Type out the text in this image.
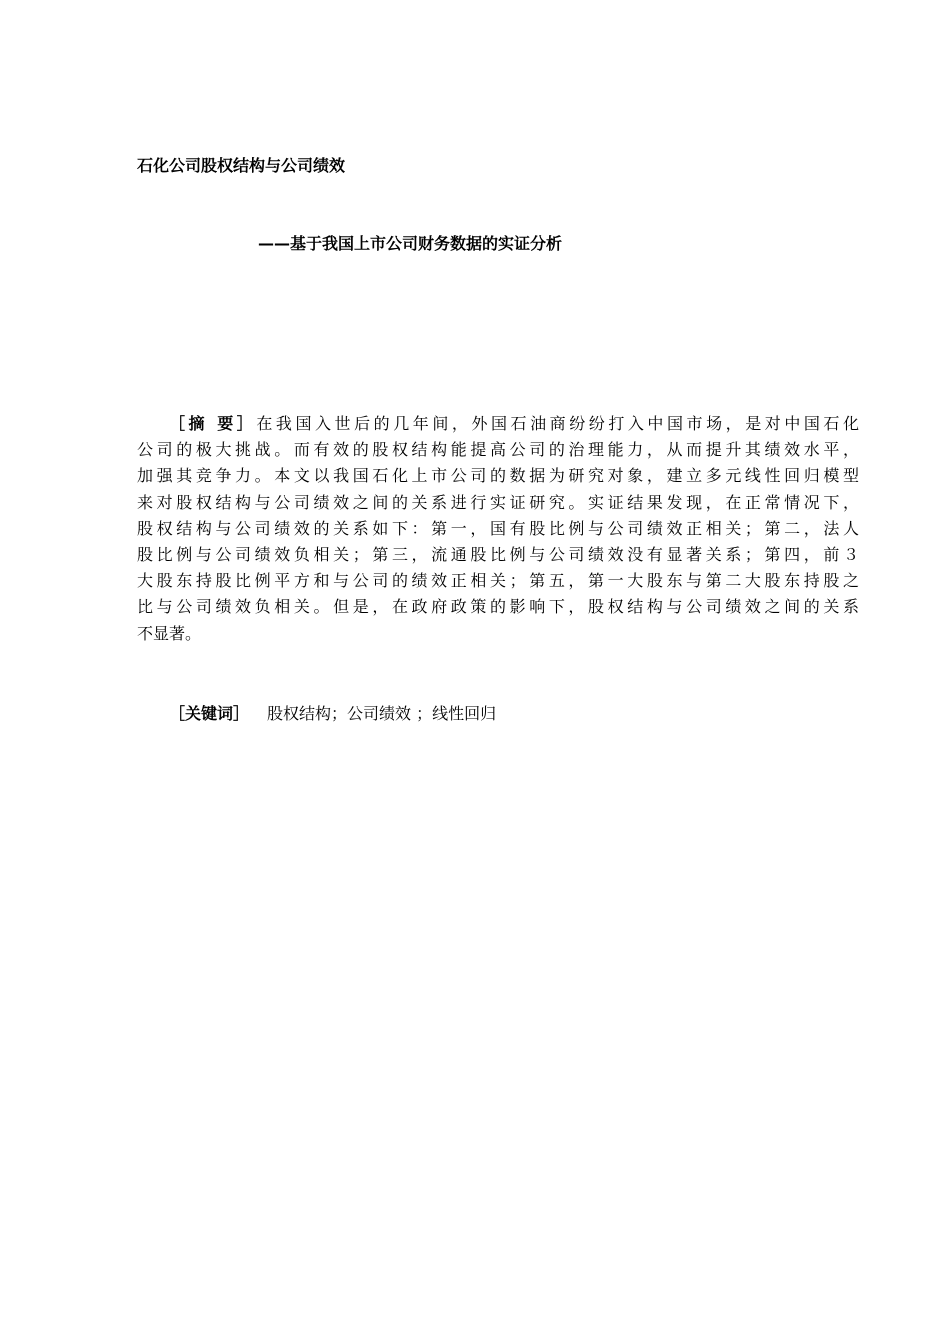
石化公司股权结构与公司绩效
——基于我国上市公司财务数据的实证分析
［摘 要］在我国入世后的几年间，外国石油商纷纷打入中国市场，是对中国石化
公司的极大挑战。而有效的股权结构能提高公司的治理能力，从而提升其绩效水平，
加强其竞争力。本文以我国石化上市公司的数据为研究对象，建立多元线性回归模型
来对股权结构与公司绩效之间的关系进行实证研究。实证结果发现，在正常情况下，
股权结构与公司绩效的关系如下：第一，国有股比例与公司绩效正相关；第二，法人
股比例与公司绩效负相关；第三，流通股比例与公司绩效没有显著关系；第四，前３
大股东持股比例平方和与公司的绩效正相关；第五，第一大股东与第二大股东持股之
比与公司绩效负相关。但是，在政府政策的影响下，股权结构与公司绩效之间的关系
不显著。
［关键词］ 股权结构；公司绩效 ；线性回归
